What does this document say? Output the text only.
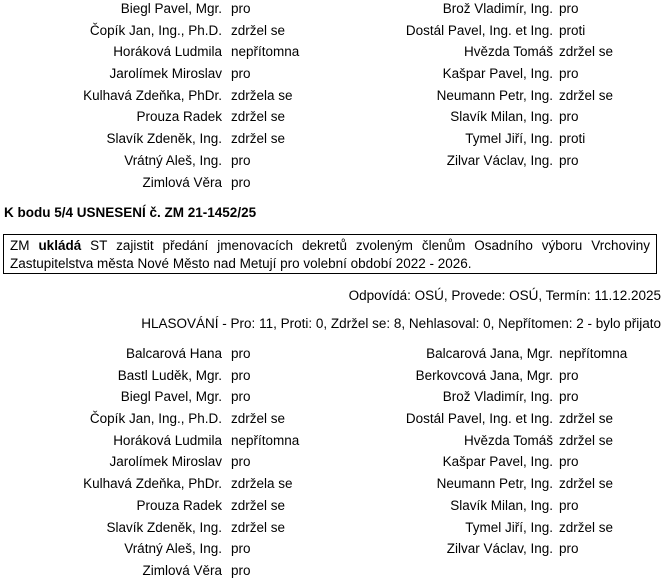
Biegl Pavel, Mgr. pro	Brož Vladimír, Ing. pro
Čopík Jan, Ing., Ph.D. zdržel se	Dostál Pavel, Ing. et Ing. proti
Horáková Ludmila nepřítomna	Hvězda Tomáš zdržel se
Jarolímek Miroslav pro	Kašpar Pavel, Ing. pro
Kulhavá Zdeňka, PhDr. zdržela se	Neumann Petr, Ing. zdržel se
Prouza Radek zdržel se	Slavík Milan, Ing. pro
Slavík Zdeněk, Ing. zdržel se	Tymel Jiří, Ing. proti
Vrátný Aleš, Ing. pro	Zilvar Václav, Ing. pro
Zimlová Věra pro
K bodu 5/4 USNESENÍ č. ZM 21-1452/25
ZM ukládá ST zajistit předání jmenovacích dekretů zvoleným členům Osadního výboru Vrchoviny Zastupitelstva města Nové Město nad Metují pro volební období 2022 - 2026.
Odpovídá: OSÚ, Provede: OSÚ, Termín: 11.12.2025
HLASOVÁNÍ - Pro: 11, Proti: 0, Zdržel se: 8, Nehlasoval: 0, Nepřítomen: 2 - bylo přijato
Balcarová Hana pro	Balcarová Jana, Mgr. nepřítomna
Bastl Luděk, Mgr. pro	Berkovcová Jana, Mgr. pro
Biegl Pavel, Mgr. pro	Brož Vladimír, Ing. pro
Čopík Jan, Ing., Ph.D. zdržel se	Dostál Pavel, Ing. et Ing. zdržel se
Horáková Ludmila nepřítomna	Hvězda Tomáš zdržel se
Jarolímek Miroslav pro	Kašpar Pavel, Ing. pro
Kulhavá Zdeňka, PhDr. zdržela se	Neumann Petr, Ing. zdržel se
Prouza Radek zdržel se	Slavík Milan, Ing. pro
Slavík Zdeněk, Ing. zdržel se	Tymel Jiří, Ing. zdržel se
Vrátný Aleš, Ing. pro	Zilvar Václav, Ing. pro
Zimlová Věra pro
